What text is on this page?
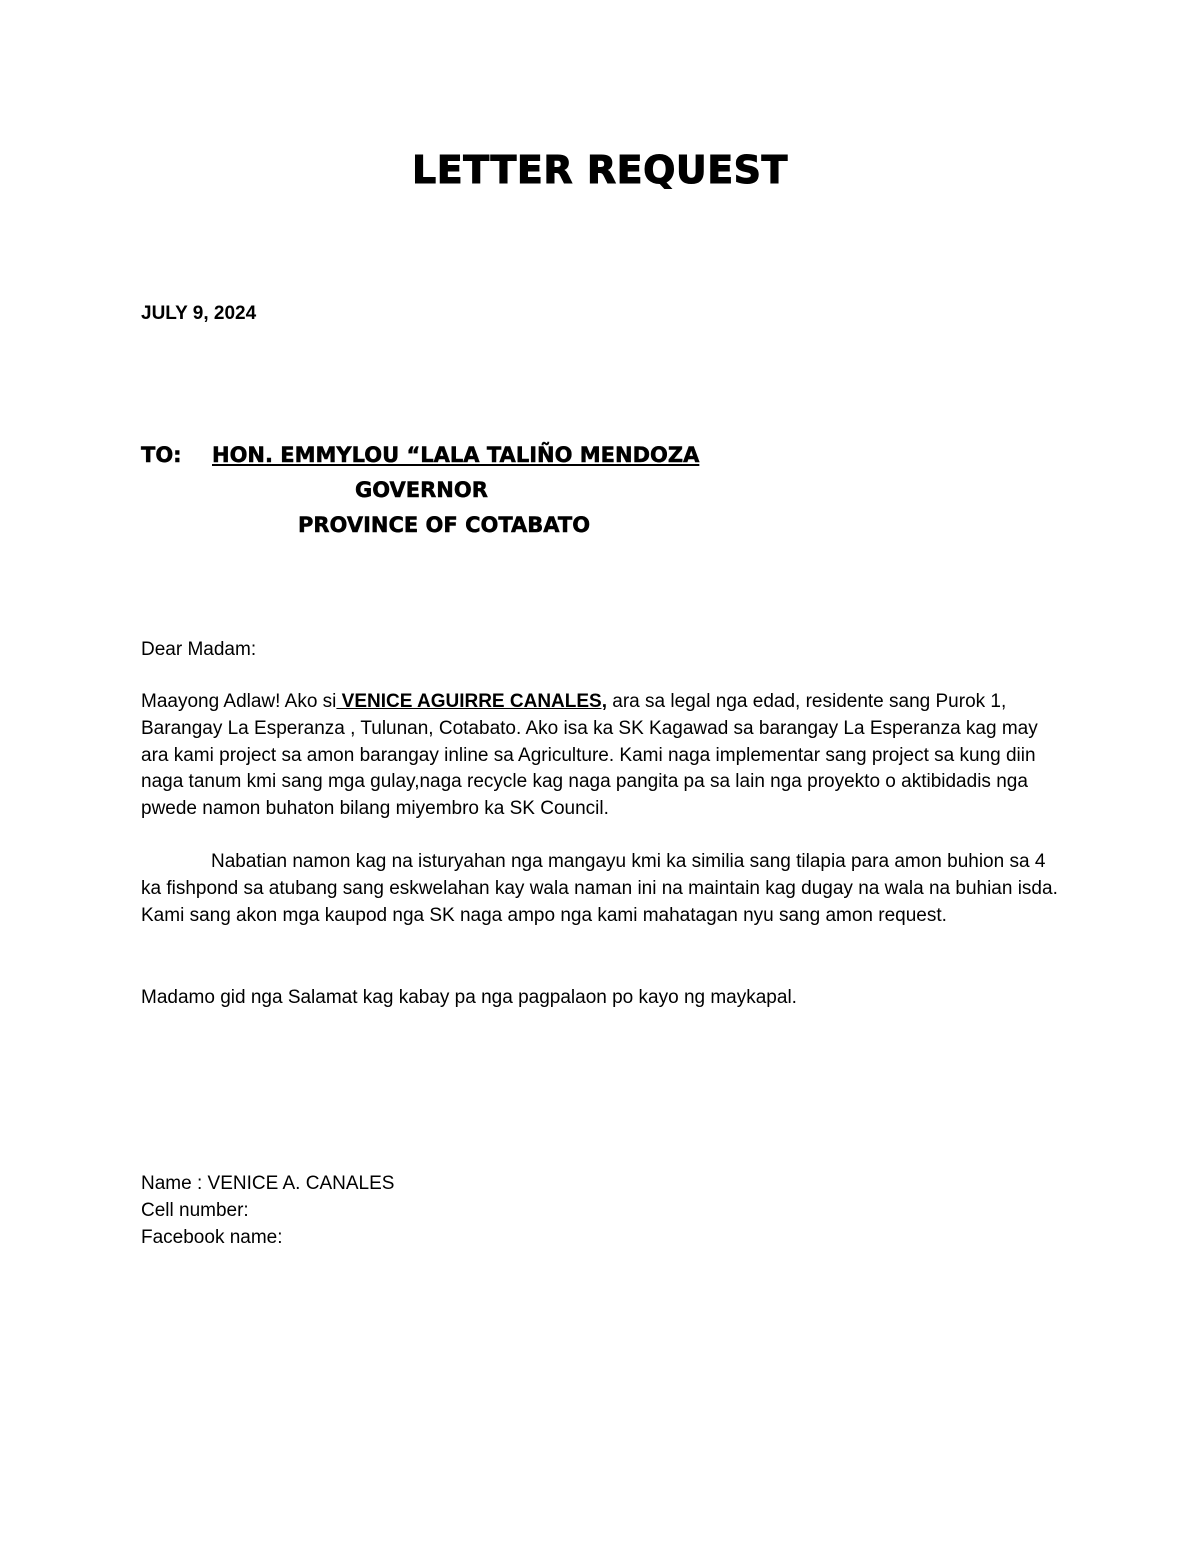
LETTER REQUEST
JULY 9, 2024
TO: HON. EMMYLOU “LALA TALIÑO MENDOZA
GOVERNOR
PROVINCE OF COTABATO
Dear Madam:
Maayong Adlaw! Ako si VENICE AGUIRRE CANALES, ara sa legal nga edad, residente sang Purok 1, Barangay La Esperanza , Tulunan, Cotabato. Ako isa ka SK Kagawad sa barangay La Esperanza kag may ara kami project sa amon barangay inline sa Agriculture. Kami naga implementar sang project sa kung diin naga tanum kmi sang mga gulay,naga recycle kag naga pangita pa sa lain nga proyekto o aktibidadis nga pwede namon buhaton bilang miyembro ka SK Council.
Nabatian namon kag na isturyahan nga mangayu kmi ka similia sang tilapia para amon buhion sa 4 ka fishpond sa atubang sang eskwelahan kay wala naman ini na maintain kag dugay na wala na buhian isda. Kami sang akon mga kaupod nga SK naga ampo nga kami mahatagan nyu sang amon request.
Madamo gid nga Salamat kag kabay pa nga pagpalaon po kayo ng maykapal.
Name : VENICE A. CANALES
Cell number:
Facebook name:
